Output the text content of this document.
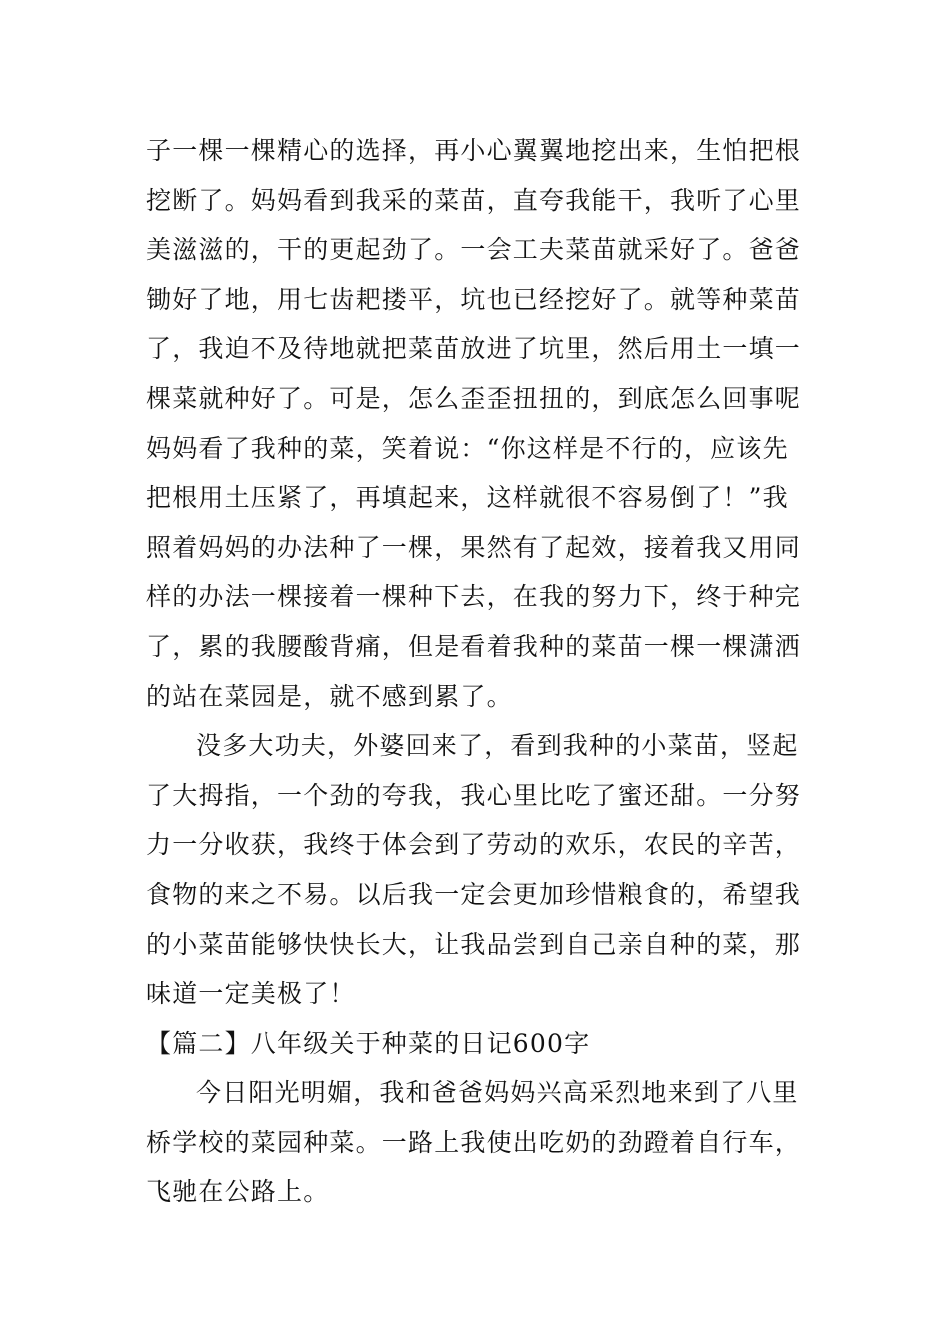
子一棵一棵精心的选择，再小心翼翼地挖出来，生怕把根
挖断了。妈妈看到我采的菜苗，直夸我能干，我听了心里
美滋滋的，干的更起劲了。一会工夫菜苗就采好了。爸爸
锄好了地，用七齿耙搂平，坑也已经挖好了。就等种菜苗
了，我迫不及待地就把菜苗放进了坑里，然后用土一填一
棵菜就种好了。可是，怎么歪歪扭扭的，到底怎么回事呢
妈妈看了我种的菜，笑着说：“你这样是不行的，应该先
把根用土压紧了，再填起来，这样就很不容易倒了！”我
照着妈妈的办法种了一棵，果然有了起效，接着我又用同
样的办法一棵接着一棵种下去，在我的努力下，终于种完
了，累的我腰酸背痛，但是看着我种的菜苗一棵一棵潇洒
的站在菜园是，就不感到累了。
没多大功夫，外婆回来了，看到我种的小菜苗，竖起
了大拇指，一个劲的夸我，我心里比吃了蜜还甜。一分努
力一分收获，我终于体会到了劳动的欢乐，农民的辛苦，
食物的来之不易。以后我一定会更加珍惜粮食的，希望我
的小菜苗能够快快长大，让我品尝到自己亲自种的菜，那
味道一定美极了！
【篇二】八年级关于种菜的日记600字
今日阳光明媚，我和爸爸妈妈兴高采烈地来到了八里
桥学校的菜园种菜。一路上我使出吃奶的劲蹬着自行车，
飞驰在公路上。
